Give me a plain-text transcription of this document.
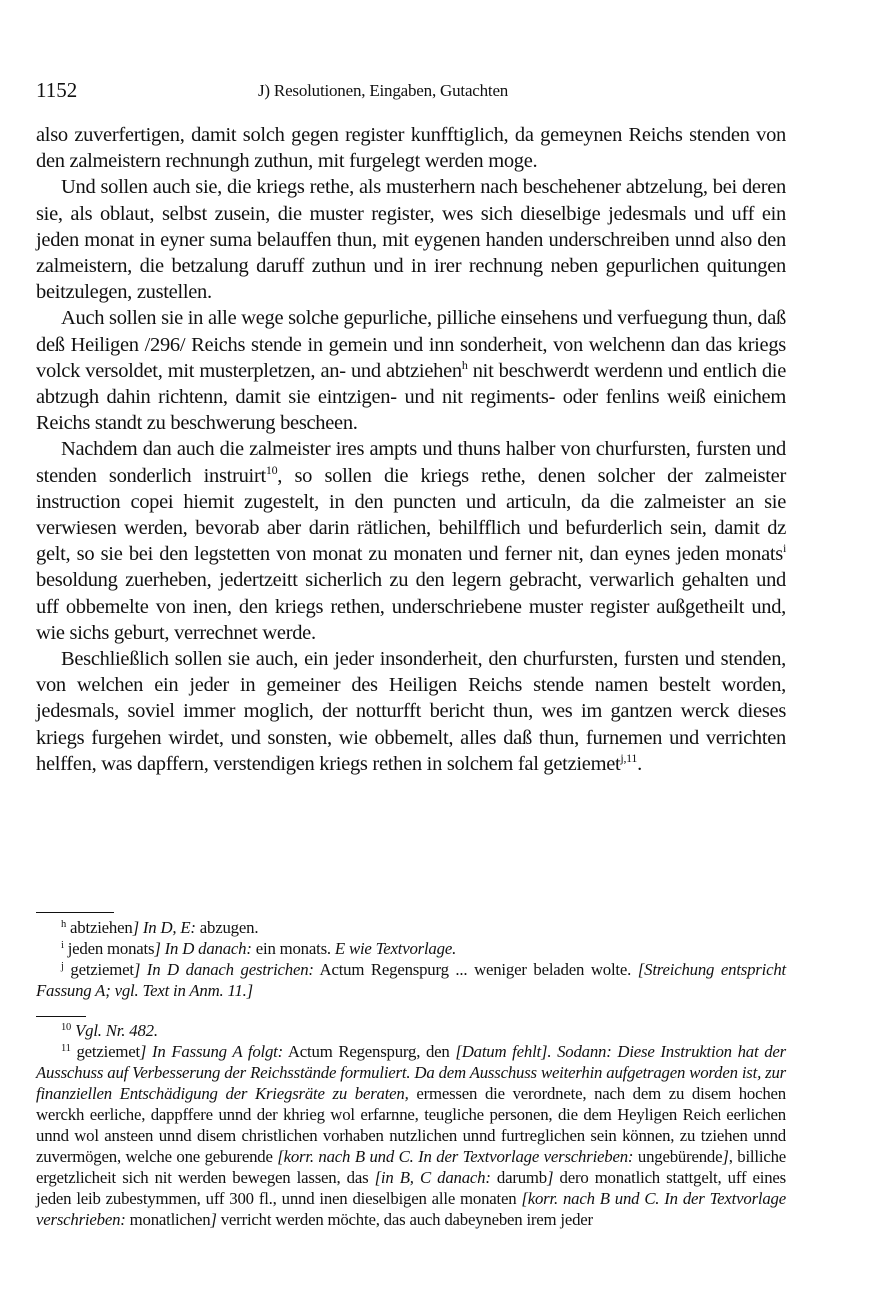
1152	J) Resolutionen, Eingaben, Gutachten

also zuverfertigen, damit solch gegen register kunfftiglich, da gemeynen Reichs stenden von den zalmeistern rechnungh zuthun, mit furgelegt werden moge.

Und sollen auch sie, die kriegs rethe, als musterhern nach beschehener abtzelung, bei deren sie, als oblaut, selbst zusein, die muster register, wes sich dieselbige jedesmals und uff ein jeden monat in eyner suma belauffen thun, mit eygenen handen underschreiben unnd also den zalmeistern, die betzalung daruff zuthun und in irer rechnung neben gepurlichen quitungen beitzulegen, zustellen.

Auch sollen sie in alle wege solche gepurliche, pilliche einsehens und verfuegung thun, daß deß Heiligen /296/ Reichs stende in gemein und inn sonderheit, von welchenn dan das kriegs volck versoldet, mit musterpletzen, an- und abtziehen$^h$ nit beschwerdt werdenn und entlich die abtzugh dahin richtenn, damit sie eintzigen- und nit regiments- oder fenlins weiß einichem Reichs standt zu beschwerung bescheen.

Nachdem dan auch die zalmeister ires ampts und thuns halber von churfursten, fursten und stenden sonderlich instruirt$^{10}$, so sollen die kriegs rethe, denen solcher der zalmeister instruction copei hiemit zugestelt, in den puncten und articuln, da die zalmeister an sie verwiesen werden, bevorab aber darin rätlichen, behilfflich und befurderlich sein, damit dz gelt, so sie bei den legstetten von monat zu monaten und ferner nit, dan eynes jeden monats$^i$ besoldung zuerheben, jedertzeitt sicherlich zu den legern gebracht, verwarlich gehalten und uff obbemelte von inen, den kriegs rethen, underschriebene muster register außgetheilt und, wie sichs geburt, verrechnet werde.

Beschließlich sollen sie auch, ein jeder insonderheit, den churfursten, fursten und stenden, von welchen ein jeder in gemeiner des Heiligen Reichs stende namen bestelt worden, jedesmals, soviel immer moglich, der notturfft bericht thun, wes im gantzen werck dieses kriegs furgehen wirdet, und sonsten, wie obbemelt, alles daß thun, furnemen und verrichten helffen, was dapffern, verstendigen kriegs rethen in solchem fal getziemet$^{j,11}$.

$^h$ abtziehen] In D, E: abzugen.

$^i$ jeden monats] In D danach: ein monats. E wie Textvorlage.

$^j$ getziemet] In D danach gestrichen: Actum Regenspurg ... weniger beladen wolte. [Streichung entspricht Fassung A; vgl. Text in Anm. 11.]

$^{10}$ Vgl. Nr. 482.

$^{11}$ getziemet] In Fassung A folgt: Actum Regenspurg, den [Datum fehlt]. Sodann: Diese Instruktion hat der Ausschuss auf Verbesserung der Reichsstände formuliert. Da dem Ausschuss weiterhin aufgetragen worden ist, zur finanziellen Entschädigung der Kriegsräte zu beraten, ermessen die verordnete, nach dem zu disem hochen werckh eerliche, dappffere unnd der khrieg wol erfarnne, teugliche personen, die dem Heyligen Reich eerlichen unnd wol ansteen unnd disem christlichen vorhaben nutzlichen unnd furtreglichen sein können, zu tziehen unnd zuvermögen, welche one geburende [korr. nach B und C. In der Textvorlage verschrieben: ungebürende], billiche ergetzlicheit sich nit werden bewegen lassen, das [in B, C danach: darumb] dero monatlich stattgelt, uff eines jeden leib zubestymmen, uff 300 fl., unnd inen dieselbigen alle monaten [korr. nach B und C. In der Textvorlage verschrieben: monatlichen] verricht werden möchte, das auch dabeyneben irem jeder
